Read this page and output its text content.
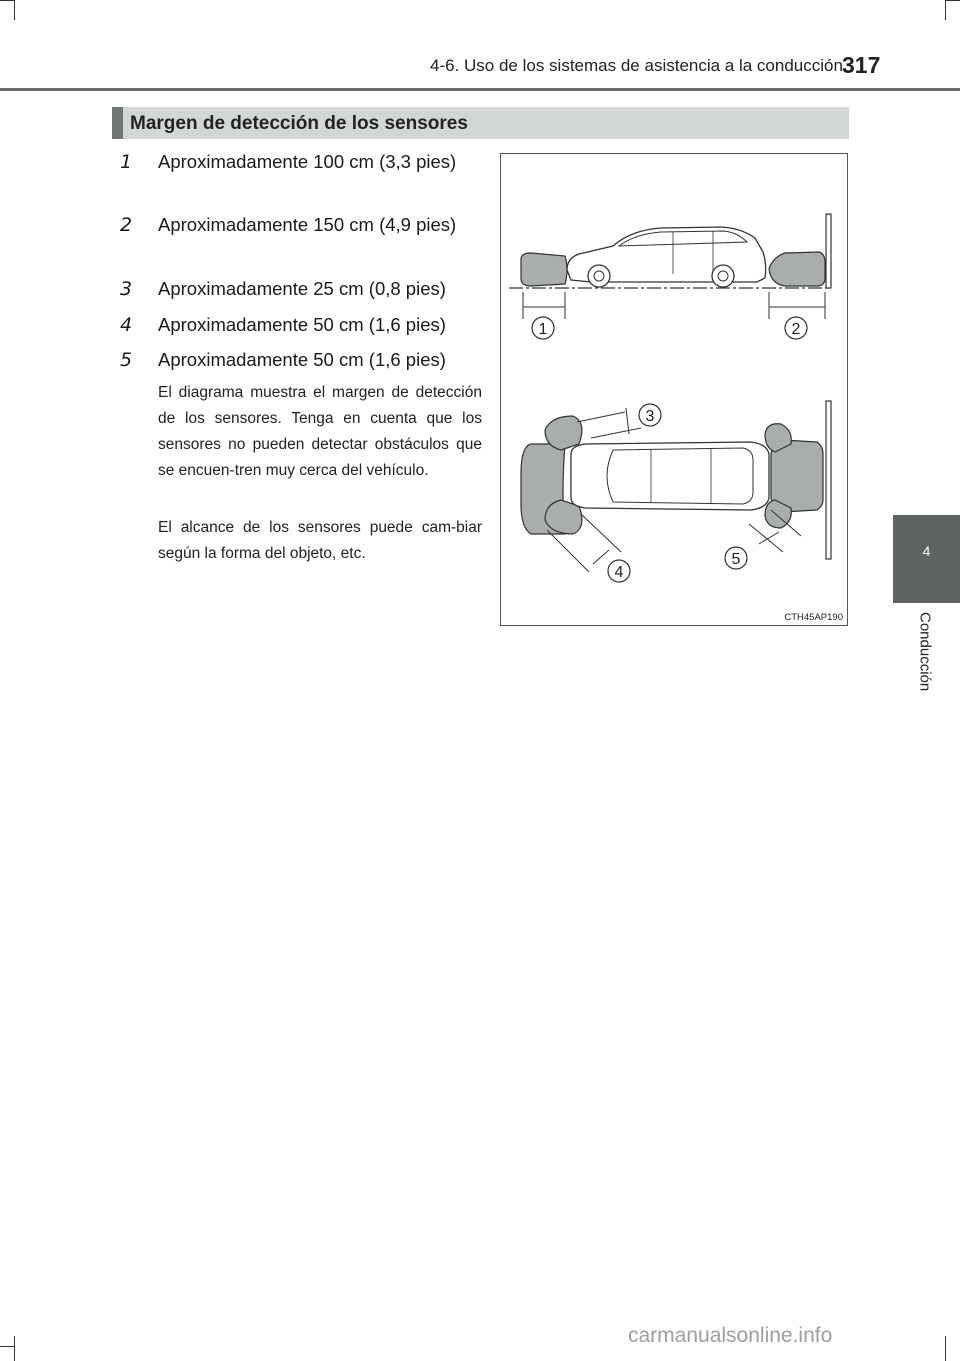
4-6. Uso de los sistemas de asistencia a la conducción 317
4
Conducción
Margen de detección de los sensores
1 Aproximadamente 100 cm (3,3 pies)
2 Aproximadamente 150 cm (4,9 pies)
3 Aproximadamente 25 cm (0,8 pies)
4 Aproximadamente 50 cm (1,6 pies)
5 Aproximadamente 50 cm (1,6 pies)
El diagrama muestra el margen de detección de los sensores. Tenga en cuenta que los sensores no pueden detectar obstáculos que se encuen-tren muy cerca del vehículo.
El alcance de los sensores puede cam-biar según la forma del objeto, etc.
1	2
3
4
5
CTH45AP190
carmanualsonline.info
